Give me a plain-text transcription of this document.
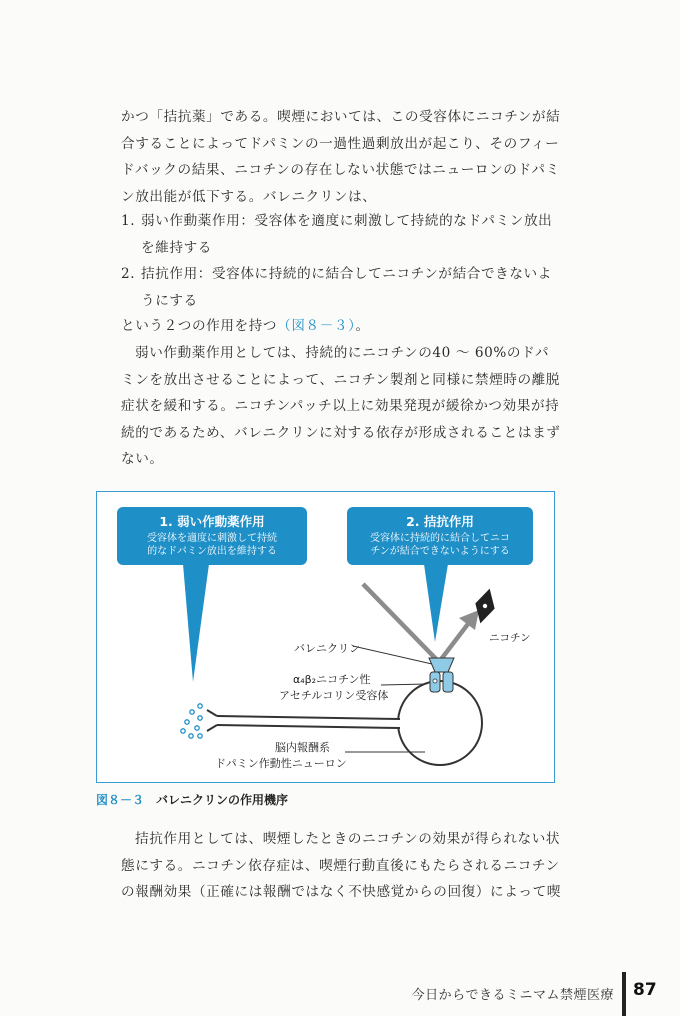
かつ「拮抗薬」である。喫煙においては、この受容体にニコチンが結合することによってドパミンの一過性過剰放出が起こり、そのフィードバックの結果、ニコチンの存在しない状態ではニューロンのドパミン放出能が低下する。バレニクリンは、
1. 弱い作動薬作用：受容体を適度に刺激して持続的なドパミン放出を維持する
2. 拮抗作用：受容体に持続的に結合してニコチンが結合できないようにする
という２つの作用を持つ（図８－３）。
弱い作動薬作用としては、持続的にニコチンの40 ～ 60%のドパミンを放出させることによって、ニコチン製剤と同様に禁煙時の離脱症状を緩和する。ニコチンパッチ以上に効果発現が緩徐かつ効果が持続的であるため、バレニクリンに対する依存が形成されることはまずない。
1. 弱い作動薬作用
受容体を適度に刺激して持続
的なドパミン放出を維持する
2. 拮抗作用
受容体に持続的に結合してニコ
チンが結合できないようにする
ニコチン
バレニクリン
α₄β₂ニコチン性
アセチルコリン受容体
脳内報酬系
ドパミン作動性ニューロン
図８－３ バレニクリンの作用機序
拮抗作用としては、喫煙したときのニコチンの効果が得られない状態にする。ニコチン依存症は、喫煙行動直後にもたらされるニコチンの報酬効果（正確には報酬ではなく不快感覚からの回復）によって喫
今日からできるミニマム禁煙医療 87
